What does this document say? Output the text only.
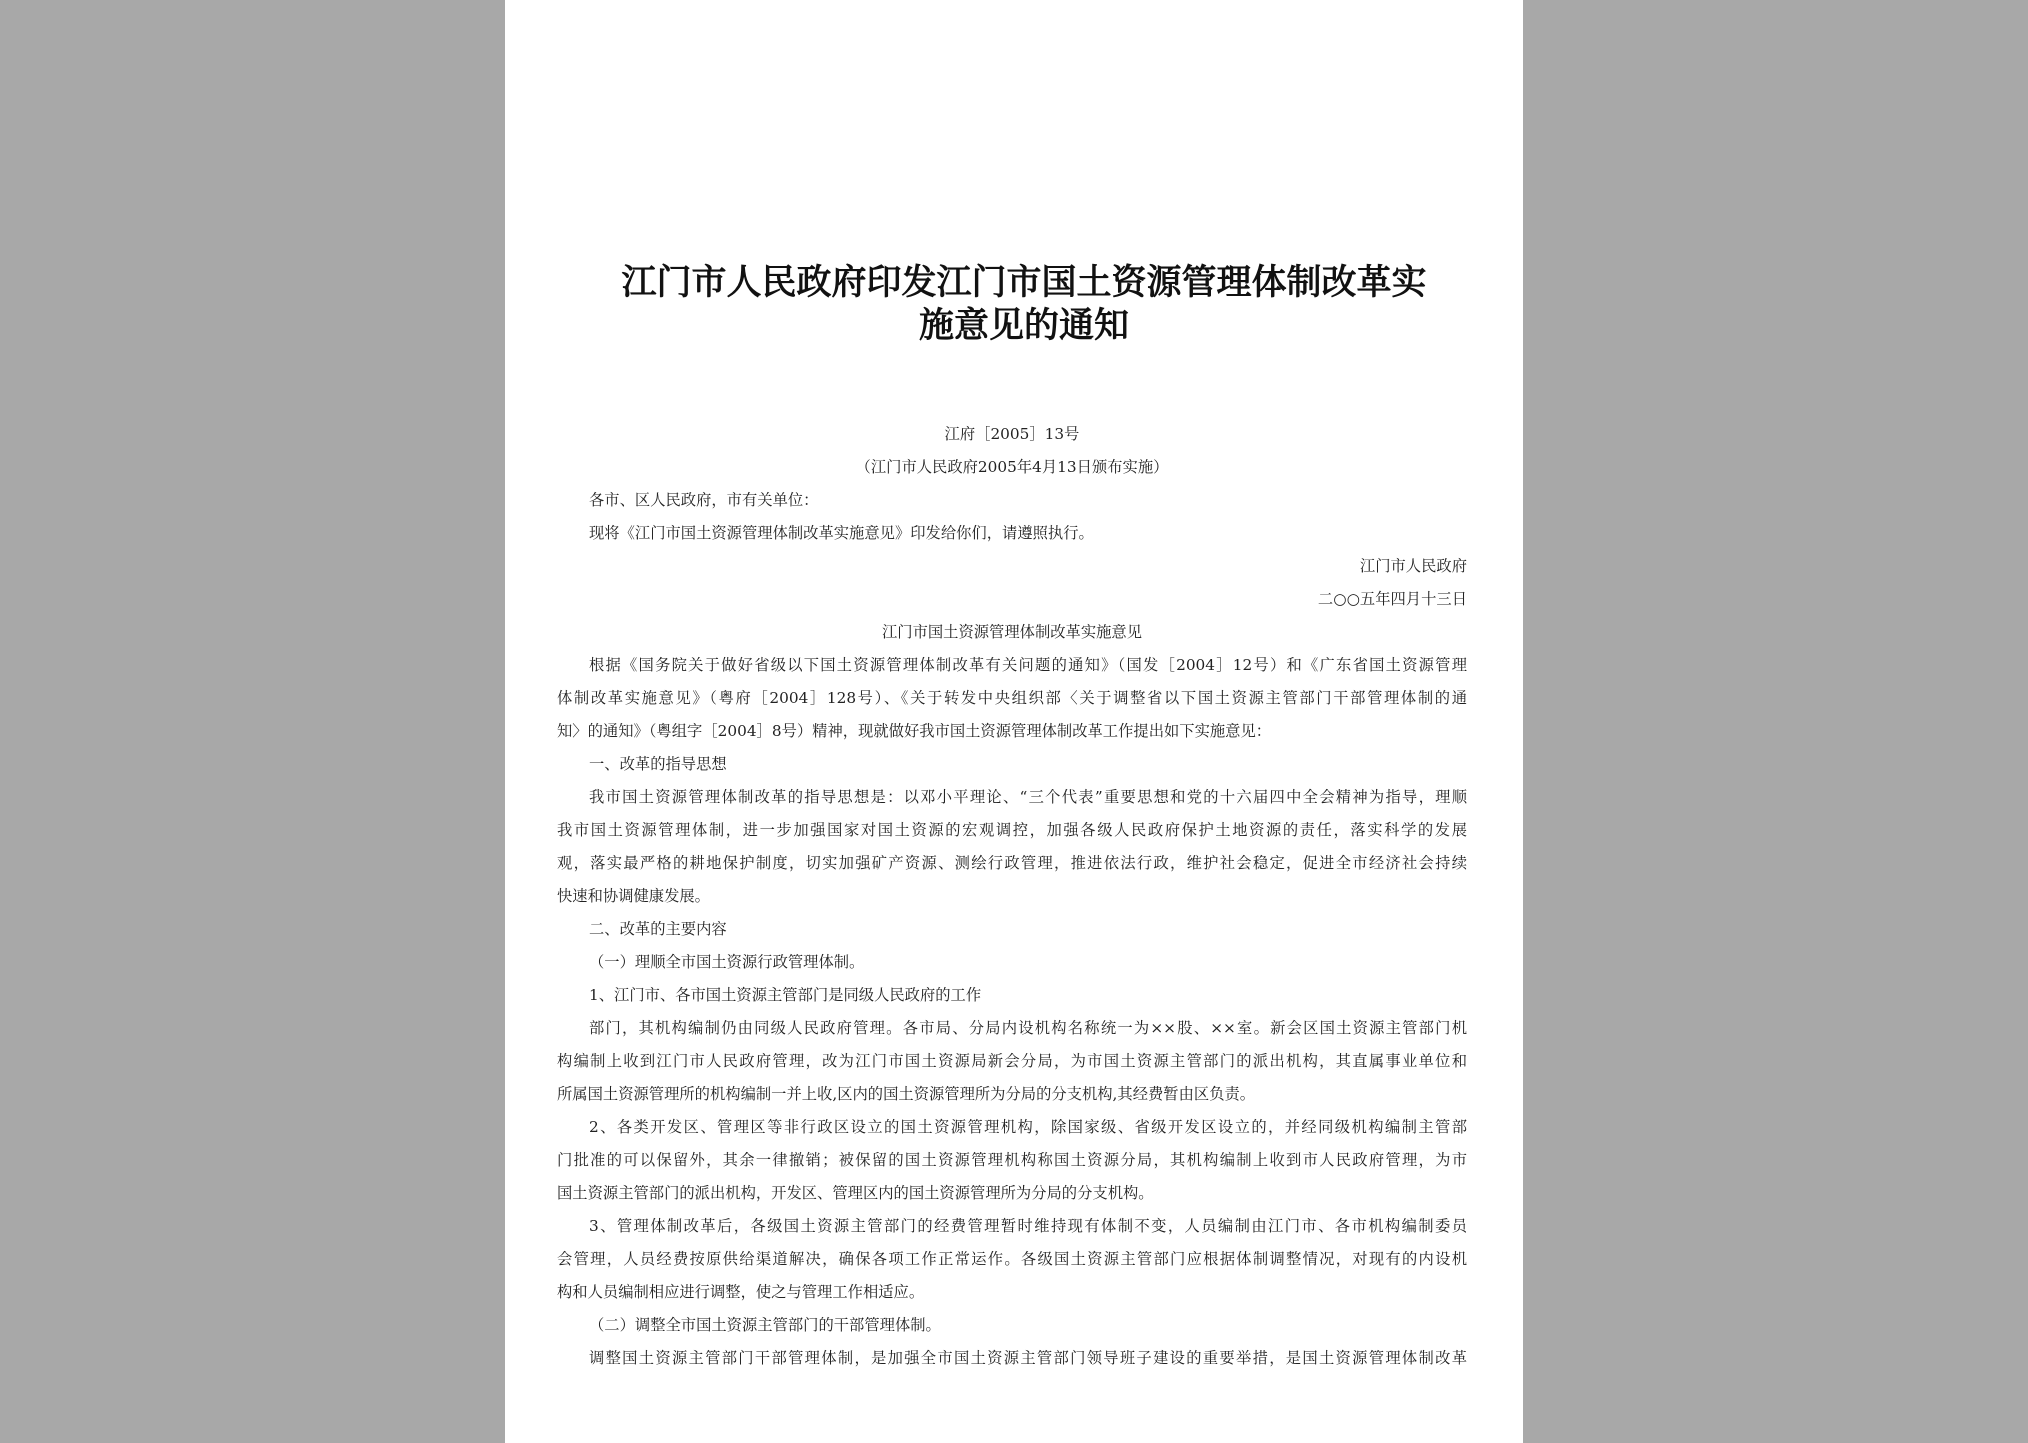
江门市人民政府印发江门市国土资源管理体制改革实
施意见的通知
江府［2005］13号
（江门市人民政府2005年4月13日颁布实施）
各市、区人民政府，市有关单位：
现将《江门市国土资源管理体制改革实施意见》印发给你们，请遵照执行。
江门市人民政府
二○○五年四月十三日
江门市国土资源管理体制改革实施意见
根据《国务院关于做好省级以下国土资源管理体制改革有关问题的通知》（国发［2004］12号）和《广东省国土资源管理
体制改革实施意见》（粤府［2004］128号）、《关于转发中央组织部〈关于调整省以下国土资源主管部门干部管理体制的通
知〉的通知》（粤组字［2004］8号）精神，现就做好我市国土资源管理体制改革工作提出如下实施意见：
一、改革的指导思想
我市国土资源管理体制改革的指导思想是：以邓小平理论、“三个代表”重要思想和党的十六届四中全会精神为指导，理顺
我市国土资源管理体制，进一步加强国家对国土资源的宏观调控，加强各级人民政府保护土地资源的责任，落实科学的发展
观，落实最严格的耕地保护制度，切实加强矿产资源、测绘行政管理，推进依法行政，维护社会稳定，促进全市经济社会持续
快速和协调健康发展。
二、改革的主要内容
（一）理顺全市国土资源行政管理体制。
1、江门市、各市国土资源主管部门是同级人民政府的工作
部门，其机构编制仍由同级人民政府管理。各市局、分局内设机构名称统一为××股、××室。新会区国土资源主管部门机
构编制上收到江门市人民政府管理，改为江门市国土资源局新会分局，为市国土资源主管部门的派出机构，其直属事业单位和
所属国土资源管理所的机构编制一并上收,区内的国土资源管理所为分局的分支机构,其经费暂由区负责。
2、各类开发区、管理区等非行政区设立的国土资源管理机构，除国家级、省级开发区设立的，并经同级机构编制主管部
门批准的可以保留外，其余一律撤销；被保留的国土资源管理机构称国土资源分局，其机构编制上收到市人民政府管理，为市
国土资源主管部门的派出机构，开发区、管理区内的国土资源管理所为分局的分支机构。
3、管理体制改革后，各级国土资源主管部门的经费管理暂时维持现有体制不变，人员编制由江门市、各市机构编制委员
会管理，人员经费按原供给渠道解决，确保各项工作正常运作。各级国土资源主管部门应根据体制调整情况，对现有的内设机
构和人员编制相应进行调整，使之与管理工作相适应。
（二）调整全市国土资源主管部门的干部管理体制。
调整国土资源主管部门干部管理体制，是加强全市国土资源主管部门领导班子建设的重要举措，是国土资源管理体制改革
